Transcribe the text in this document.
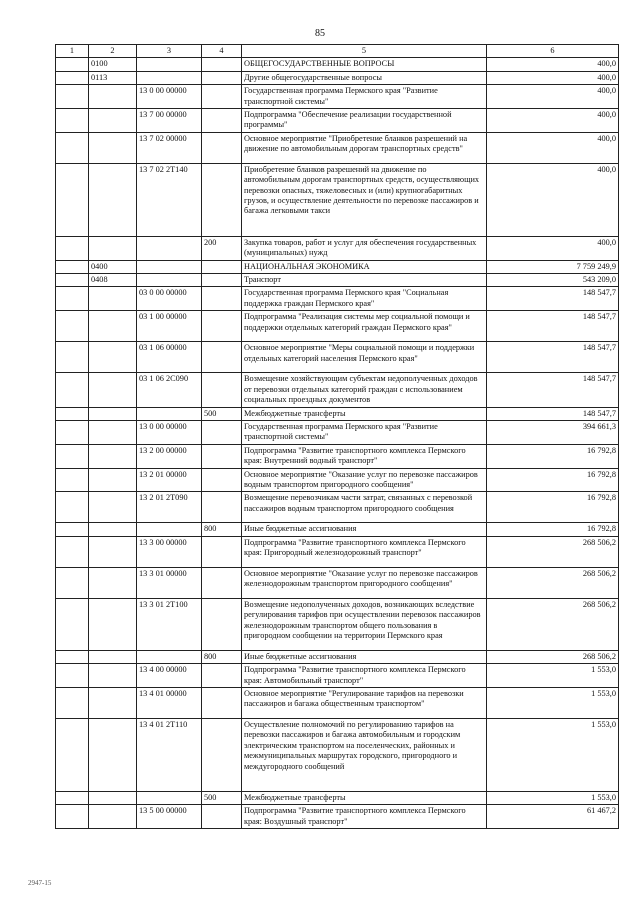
85
1	2	3	4	5	6
	0100			ОБЩЕГОСУДАРСТВЕННЫЕ ВОПРОСЫ	400,0
	0113			Другие общегосударственные вопросы	400,0
		13 0 00 00000		Государственная программа Пермского края "Развитие транспортной системы"	400,0
		13 7 00 00000		Подпрограмма "Обеспечение реализации государственной программы"	400,0
		13 7 02 00000		Основное мероприятие "Приобретение бланков разрешений на движение по автомобильным дорогам транспортных средств"	400,0
		13 7 02 2T140		Приобретение бланков разрешений на движение по автомобильным дорогам транспортных средств, осуществляющих перевозки опасных, тяжеловесных и (или) крупногабаритных грузов, и осуществление деятельности по перевозке пассажиров и багажа легковыми такси	400,0
			200	Закупка товаров, работ и услуг для обеспечения государственных (муниципальных) нужд	400,0
	0400			НАЦИОНАЛЬНАЯ ЭКОНОМИКА	7 759 249,9
	0408			Транспорт	543 209,0
		03 0 00 00000		Государственная программа Пермского края "Социальная поддержка граждан Пермского края"	148 547,7
		03 1 00 00000		Подпрограмма "Реализация системы мер социальной помощи и поддержки отдельных категорий граждан Пермского края"	148 547,7
		03 1 06 00000		Основное мероприятие "Меры социальной помощи и поддержки отдельных категорий населения Пермского края"	148 547,7
		03 1 06 2C090		Возмещение хозяйствующим субъектам недополученных доходов от перевозки отдельных категорий граждан с использованием социальных проездных документов	148 547,7
			500	Межбюджетные трансферты	148 547,7
		13 0 00 00000		Государственная программа Пермского края "Развитие транспортной системы"	394 661,3
		13 2 00 00000		Подпрограмма "Развитие транспортного комплекса Пермского края: Внутренний водный транспорт"	16 792,8
		13 2 01 00000		Основное мероприятие "Оказание услуг по перевозке пассажиров водным транспортом пригородного сообщения"	16 792,8
		13 2 01 2T090		Возмещение перевозчикам части затрат, связанных с перевозкой пассажиров водным транспортом пригородного сообщения	16 792,8
			800	Иные бюджетные ассигнования	16 792,8
		13 3 00 00000		Подпрограмма "Развитие транспортного комплекса Пермского края: Пригородный железнодорожный транспорт"	268 506,2
		13 3 01 00000		Основное мероприятие "Оказание услуг по перевозке пассажиров железнодорожным транспортом пригородного сообщения"	268 506,2
		13 3 01 2T100		Возмещение недополученных доходов, возникающих вследствие регулирования тарифов при осуществлении перевозок пассажиров железнодорожным транспортом общего пользования в пригородном сообщении на территории Пермского края	268 506,2
			800	Иные бюджетные ассигнования	268 506,2
		13 4 00 00000		Подпрограмма "Развитие транспортного комплекса Пермского края: Автомобильный транспорт"	1 553,0
		13 4 01 00000		Основное мероприятие "Регулирование тарифов на перевозки пассажиров и багажа общественным транспортом"	1 553,0
		13 4 01 2T110		Осуществление полномочий по регулированию тарифов на перевозки пассажиров и багажа автомобильным и городским электрическим транспортом на поселенческих, районных и межмуниципальных маршрутах городского, пригородного и междугородного сообщений	1 553,0
			500	Межбюджетные трансферты	1 553,0
		13 5 00 00000		Подпрограмма "Развитие транспортного комплекса Пермского края: Воздушный транспорт"	61 467,2
2947-15
